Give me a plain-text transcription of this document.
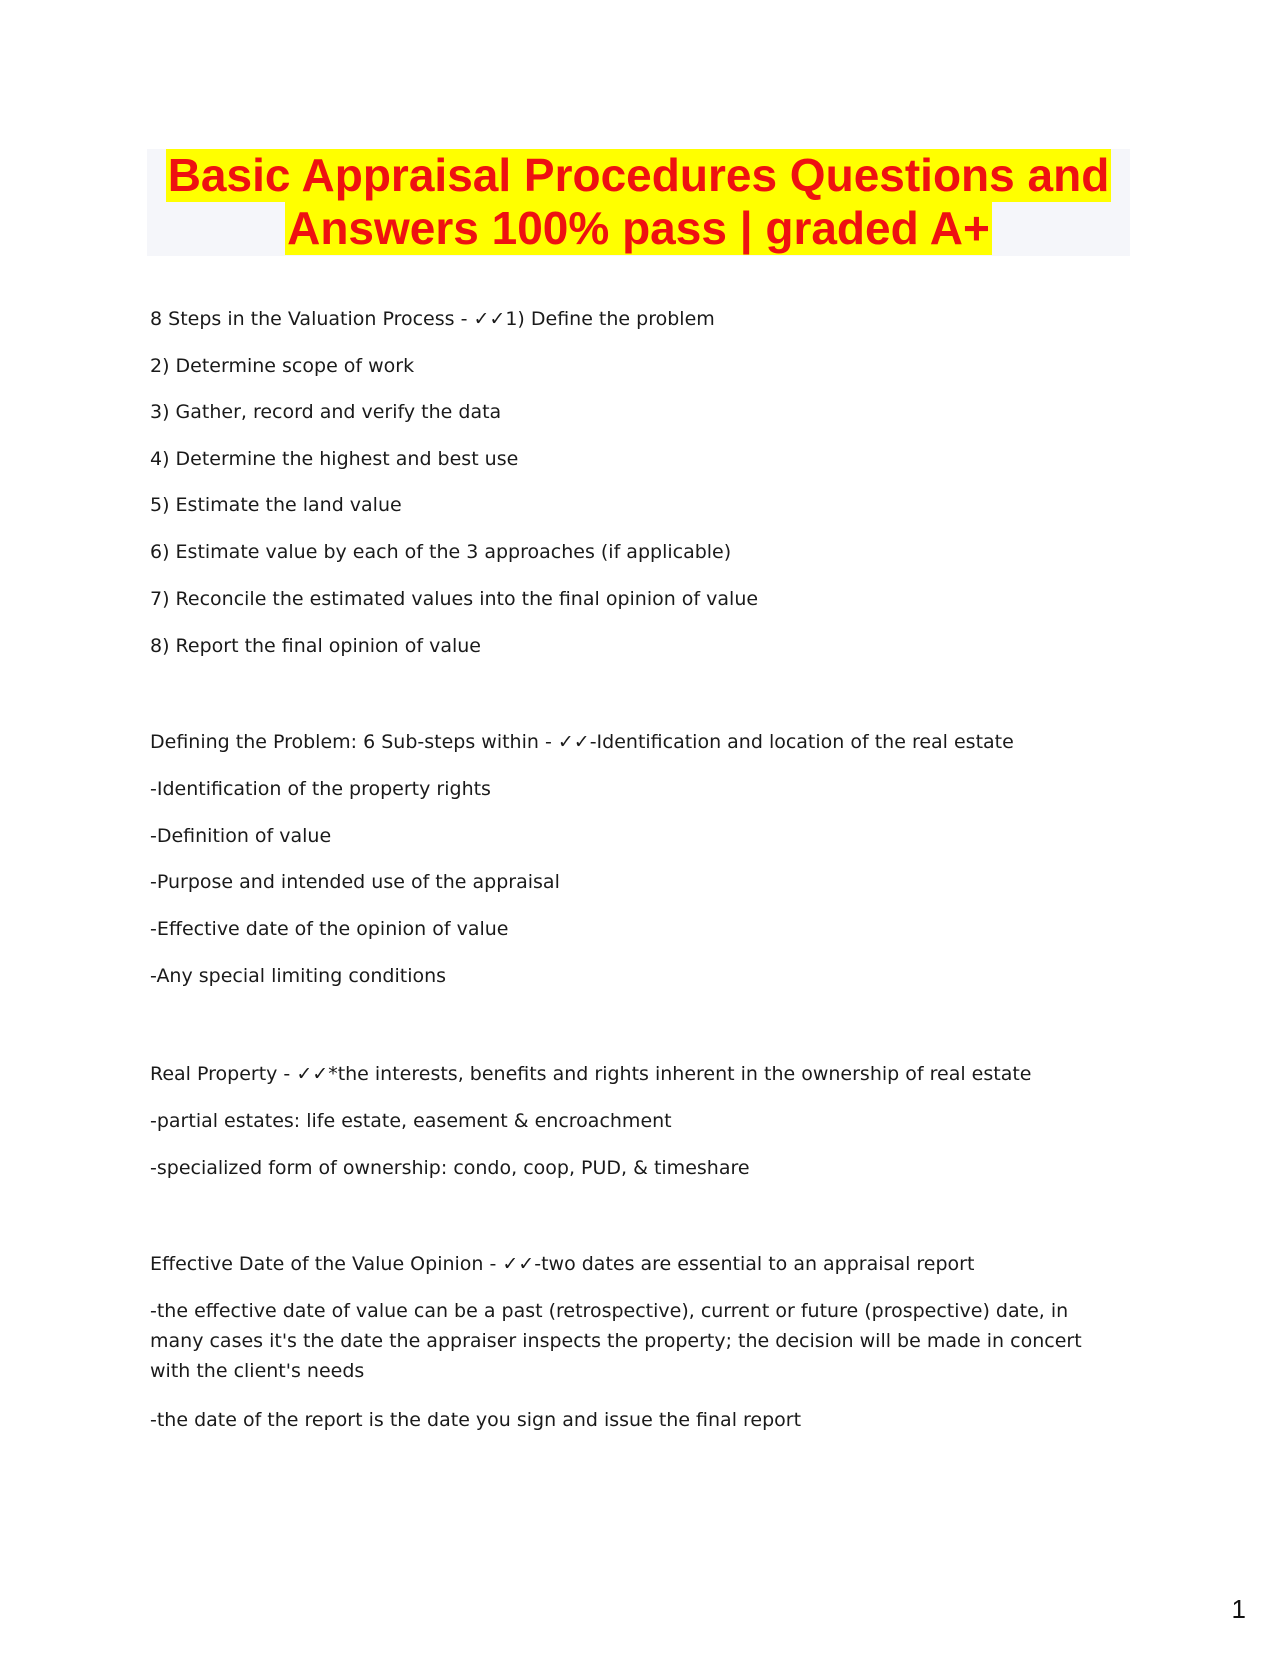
Basic Appraisal Procedures Questions and
Answers 100% pass | graded A+
8 Steps in the Valuation Process - ✓✓1) Define the problem
2) Determine scope of work
3) Gather, record and verify the data
4) Determine the highest and best use
5) Estimate the land value
6) Estimate value by each of the 3 approaches (if applicable)
7) Reconcile the estimated values into the final opinion of value
8) Report the final opinion of value
Defining the Problem: 6 Sub-steps within - ✓✓-Identification and location of the real estate
-Identification of the property rights
-Definition of value
-Purpose and intended use of the appraisal
-Effective date of the opinion of value
-Any special limiting conditions
Real Property - ✓✓*the interests, benefits and rights inherent in the ownership of real estate
-partial estates: life estate, easement & encroachment
-specialized form of ownership: condo, coop, PUD, & timeshare
Effective Date of the Value Opinion - ✓✓-two dates are essential to an appraisal report
-the effective date of value can be a past (retrospective), current or future (prospective) date, in many cases it's the date the appraiser inspects the property; the decision will be made in concert with the client's needs
-the date of the report is the date you sign and issue the final report
1
